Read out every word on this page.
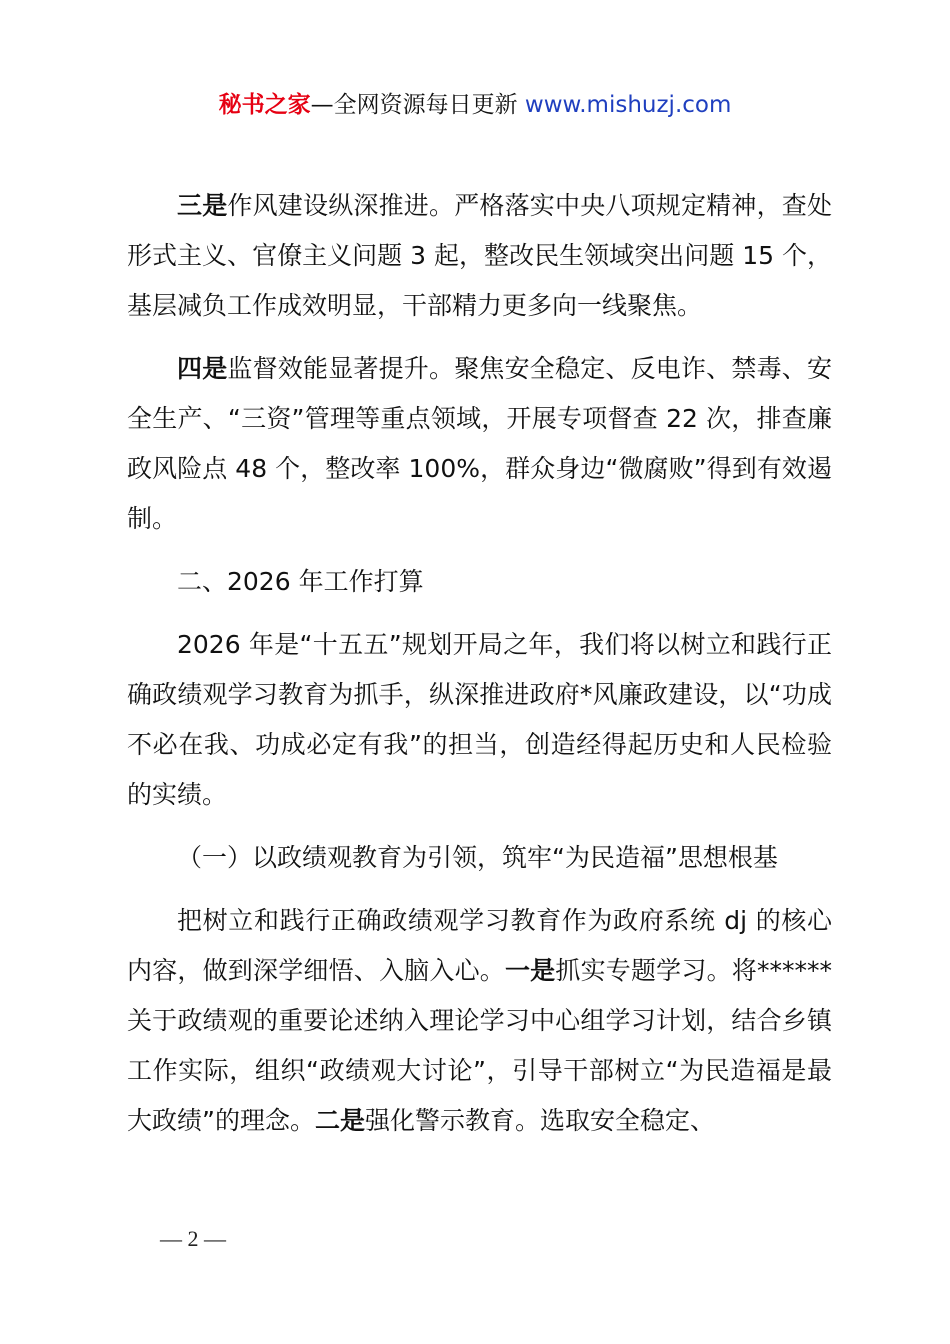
秘书之家—全网资源每日更新 www.mishuzj.com

三是作风建设纵深推进。严格落实中央八项规定精神，查处形式主义、官僚主义问题 3 起，整改民生领域突出问题 15 个，基层减负工作成效明显，干部精力更多向一线聚焦。

四是监督效能显著提升。聚焦安全稳定、反电诈、禁毒、安全生产、“三资”管理等重点领域，开展专项督查 22 次，排查廉政风险点 48 个，整改率 100%，群众身边“微腐败”得到有效遏制。

二、2026 年工作打算

2026 年是“十五五”规划开局之年，我们将以树立和践行正确政绩观学习教育为抓手，纵深推进政府*风廉政建设，以“功成不必在我、功成必定有我”的担当，创造经得起历史和人民检验的实绩。

（一）以政绩观教育为引领，筑牢“为民造福”思想根基

把树立和践行正确政绩观学习教育作为政府系统 dj 的核心内容，做到深学细悟、入脑入心。一是抓实专题学习。将******关于政绩观的重要论述纳入理论学习中心组学习计划，结合乡镇工作实际，组织“政绩观大讨论”，引导干部树立“为民造福是最大政绩”的理念。二是强化警示教育。选取安全稳定、

— 2 —
